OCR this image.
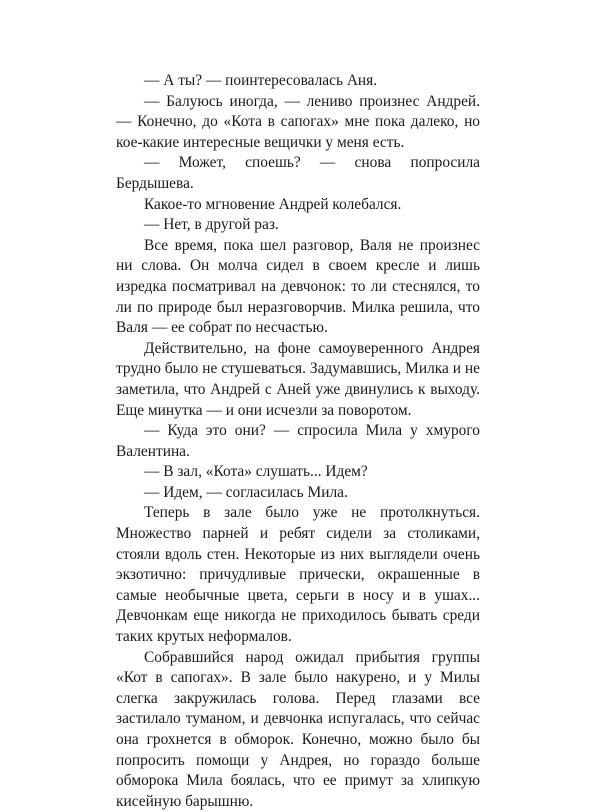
— А ты? — поинтересовалась Аня.

— Балуюсь иногда, — лениво произнес Андрей. — Конечно, до «Кота в сапогах» мне пока далеко, но кое-какие интересные вещички у меня есть.

— Может, споешь? — снова попросила Бердышева.

Какое-то мгновение Андрей колебался.

— Нет, в другой раз.

Все время, пока шел разговор, Валя не произнес ни слова. Он молча сидел в своем кресле и лишь изредка посматривал на девчонок: то ли стеснялся, то ли по природе был неразговорчив. Милка решила, что Валя — ее собрат по несчастью.

Действительно, на фоне самоуверенного Андрея трудно было не стушеваться. Задумавшись, Милка и не заметила, что Андрей с Аней уже двинулись к выходу. Еще минутка — и они исчезли за поворотом.

— Куда это они? — спросила Мила у хмурого Валентина.

— В зал, «Кота» слушать... Идем?

— Идем, — согласилась Мила.

Теперь в зале было уже не протолкнуться. Множество парней и ребят сидели за столиками, стояли вдоль стен. Некоторые из них выглядели очень экзотично: причудливые прически, окрашенные в самые необычные цвета, серьги в носу и в ушах... Девчонкам еще никогда не приходилось бывать среди таких крутых неформалов.

Собравшийся народ ожидал прибытия группы «Кот в сапогах». В зале было накурено, и у Милы слегка закружилась голова. Перед глазами все застилало туманом, и девчонка испугалась, что сейчас она грохнется в обморок. Конечно, можно было бы попросить помощи у Андрея, но гораздо больше обморока Мила боялась, что ее примут за хлипкую кисейную барышню.
